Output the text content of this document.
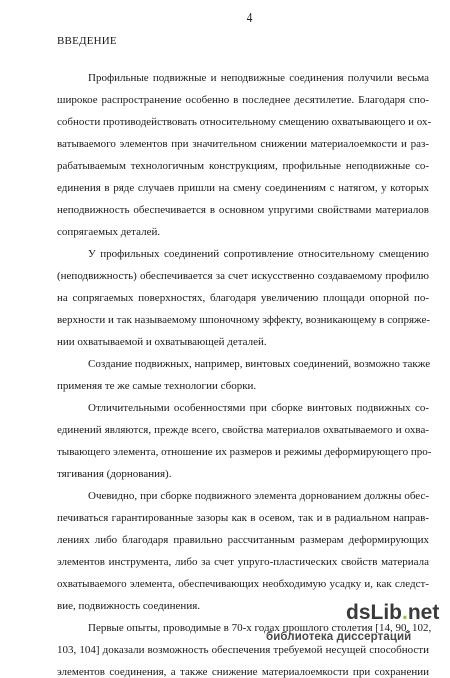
4
ВВЕДЕНИЕ
Профильные подвижные и неподвижные соединения получили весьма
широкое распространение особенно в последнее десятилетие. Благодаря спо-
собности противодействовать относительному смещению охватывающего и ох-
ватываемого элементов при значительном снижении материалоемкости и раз-
рабатываемым технологичным конструкциям, профильные неподвижные со-
единения в ряде случаев пришли на смену соединениям с натягом, у которых
неподвижность обеспечивается в основном упругими свойствами материалов
сопрягаемых деталей.
У профильных соединений сопротивление относительному смещению
(неподвижность) обеспечивается за счет искусственно создаваемому профилю
на сопрягаемых поверхностях, благодаря увеличению площади опорной по-
верхности и так называемому шпоночному эффекту, возникающему в сопряже-
нии охватываемой и охватывающей деталей.
Создание подвижных, например, винтовых соединений, возможно также
применяя те же самые технологии сборки.
Отличительными особенностями при сборке винтовых подвижных со-
единений являются, прежде всего, свойства материалов охватываемого и охва-
тывающего элемента, отношение их размеров и режимы деформирующего про-
тягивания (дорнования).
Очевидно, при сборке подвижного элемента дорнованием должны обес-
печиваться гарантированные зазоры как в осевом, так и в радиальном направ-
лениях либо благодаря правильно рассчитанным размерам деформирующих
элементов инструмента, либо за счет упруго-пластических свойств материала
охватываемого элемента, обеспечивающих необходимую усадку и, как следст-
вие, подвижность соединения.
Первые опыты, проводимые в 70-х годах прошлого столетия [14, 90, 102,
103, 104] доказали возможность обеспечения требуемой несущей способности
элементов соединения, а также снижение материалоемкости при сохранении
dsLib.net
библиотека диссертаций
